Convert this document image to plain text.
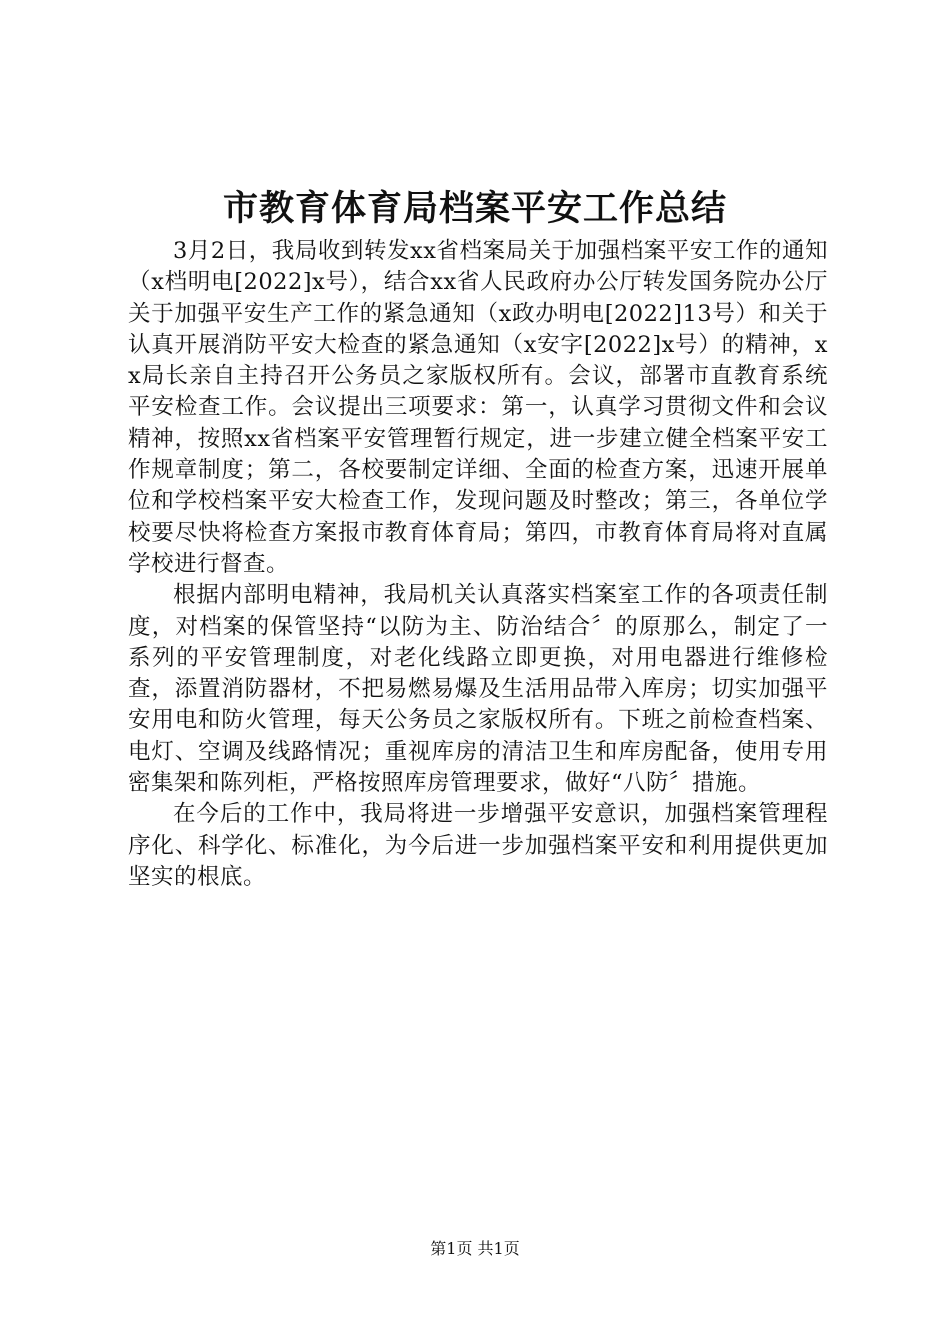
市教育体育局档案平安工作总结

3月2日，我局收到转发xx省档案局关于加强档案平安工作的通知（x档明电[2022]x号），结合xx省人民政府办公厅转发国务院办公厅关于加强平安生产工作的紧急通知（x政办明电[2022]13号）和关于认真开展消防平安大检查的紧急通知（x安字[2022]x号）的精神，xx局长亲自主持召开公务员之家版权所有。会议，部署市直教育系统平安检查工作。会议提出三项要求：第一，认真学习贯彻文件和会议精神，按照xx省档案平安管理暂行规定，进一步建立健全档案平安工作规章制度；第二，各校要制定详细、全面的检查方案，迅速开展单位和学校档案平安大检查工作，发现问题及时整改；第三，各单位学校要尽快将检查方案报市教育体育局；第四，市教育体育局将对直属学校进行督查。

根据内部明电精神，我局机关认真落实档案室工作的各项责任制度，对档案的保管坚持“以防为主、防治结合〞的原那么，制定了一系列的平安管理制度，对老化线路立即更换，对用电器进行维修检查，添置消防器材，不把易燃易爆及生活用品带入库房；切实加强平安用电和防火管理，每天公务员之家版权所有。下班之前检查档案、电灯、空调及线路情况；重视库房的清洁卫生和库房配备，使用专用密集架和陈列柜，严格按照库房管理要求，做好“八防〞措施。

在今后的工作中，我局将进一步增强平安意识，加强档案管理程序化、科学化、标准化，为今后进一步加强档案平安和利用提供更加坚实的根底。

第1页 共1页
